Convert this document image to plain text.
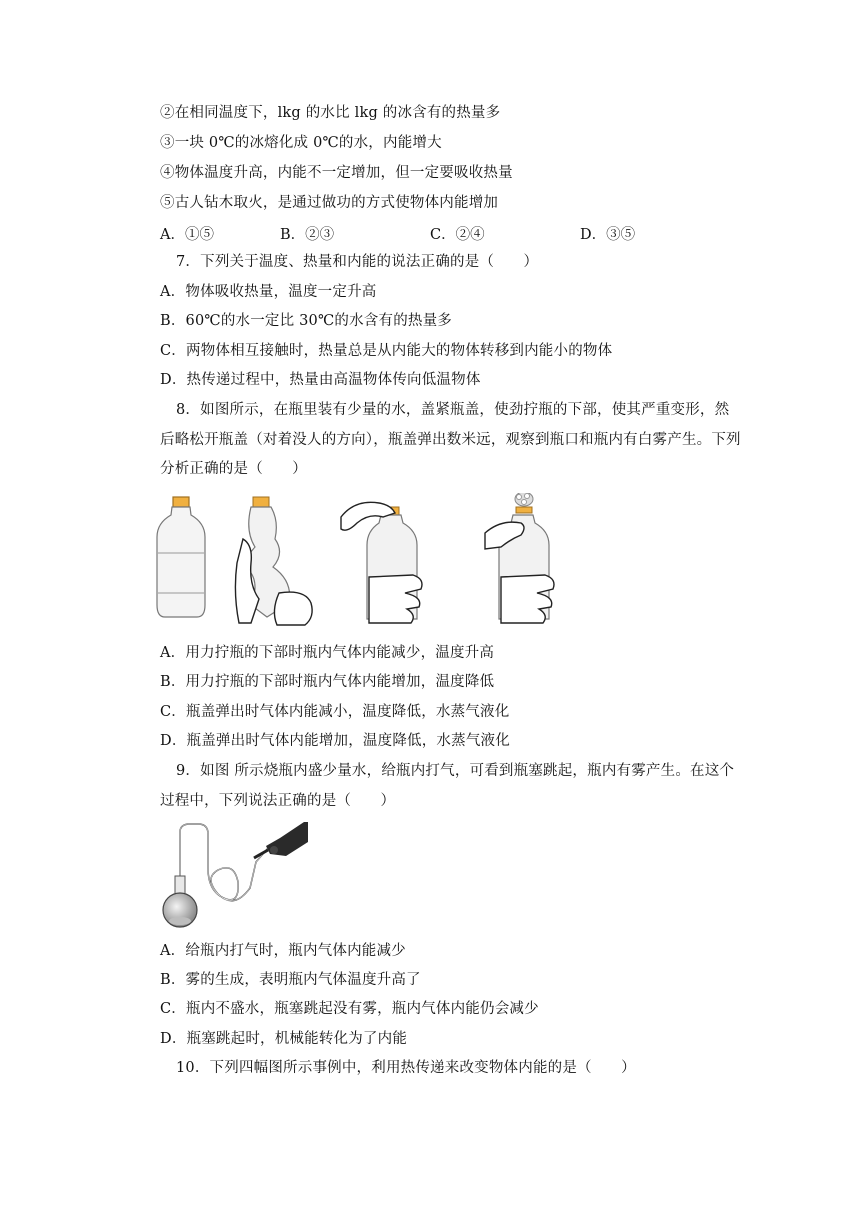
②在相同温度下，lkg 的水比 lkg 的冰含有的热量多
③一块 0℃的冰熔化成 0℃的水，内能增大
④物体温度升高，内能不一定增加，但一定要吸收热量
⑤古人钻木取火，是通过做功的方式使物体内能增加
A．①⑤	B．②③	C．②④	D．③⑤
7．下列关于温度、热量和内能的说法正确的是（　　）
A．物体吸收热量，温度一定升高
B．60℃的水一定比 30℃的水含有的热量多
C．两物体相互接触时，热量总是从内能大的物体转移到内能小的物体
D．热传递过程中，热量由高温物体传向低温物体
8．如图所示，在瓶里装有少量的水，盖紧瓶盖，使劲拧瓶的下部，使其严重变形，然
后略松开瓶盖（对着没人的方向），瓶盖弹出数米远，观察到瓶口和瓶内有白雾产生。下列
分析正确的是（　　）
A．用力拧瓶的下部时瓶内气体内能减少，温度升高
B．用力拧瓶的下部时瓶内气体内能增加，温度降低
C．瓶盖弹出时气体内能减小，温度降低，水蒸气液化
D．瓶盖弹出时气体内能增加，温度降低，水蒸气液化
9．如图 所示烧瓶内盛少量水，给瓶内打气，可看到瓶塞跳起，瓶内有雾产生。在这个
过程中，下列说法正确的是（　　）
A．给瓶内打气时，瓶内气体内能减少
B．雾的生成，表明瓶内气体温度升高了
C．瓶内不盛水，瓶塞跳起没有雾，瓶内气体内能仍会减少
D．瓶塞跳起时，机械能转化为了内能
10．下列四幅图所示事例中，利用热传递来改变物体内能的是（　　）
